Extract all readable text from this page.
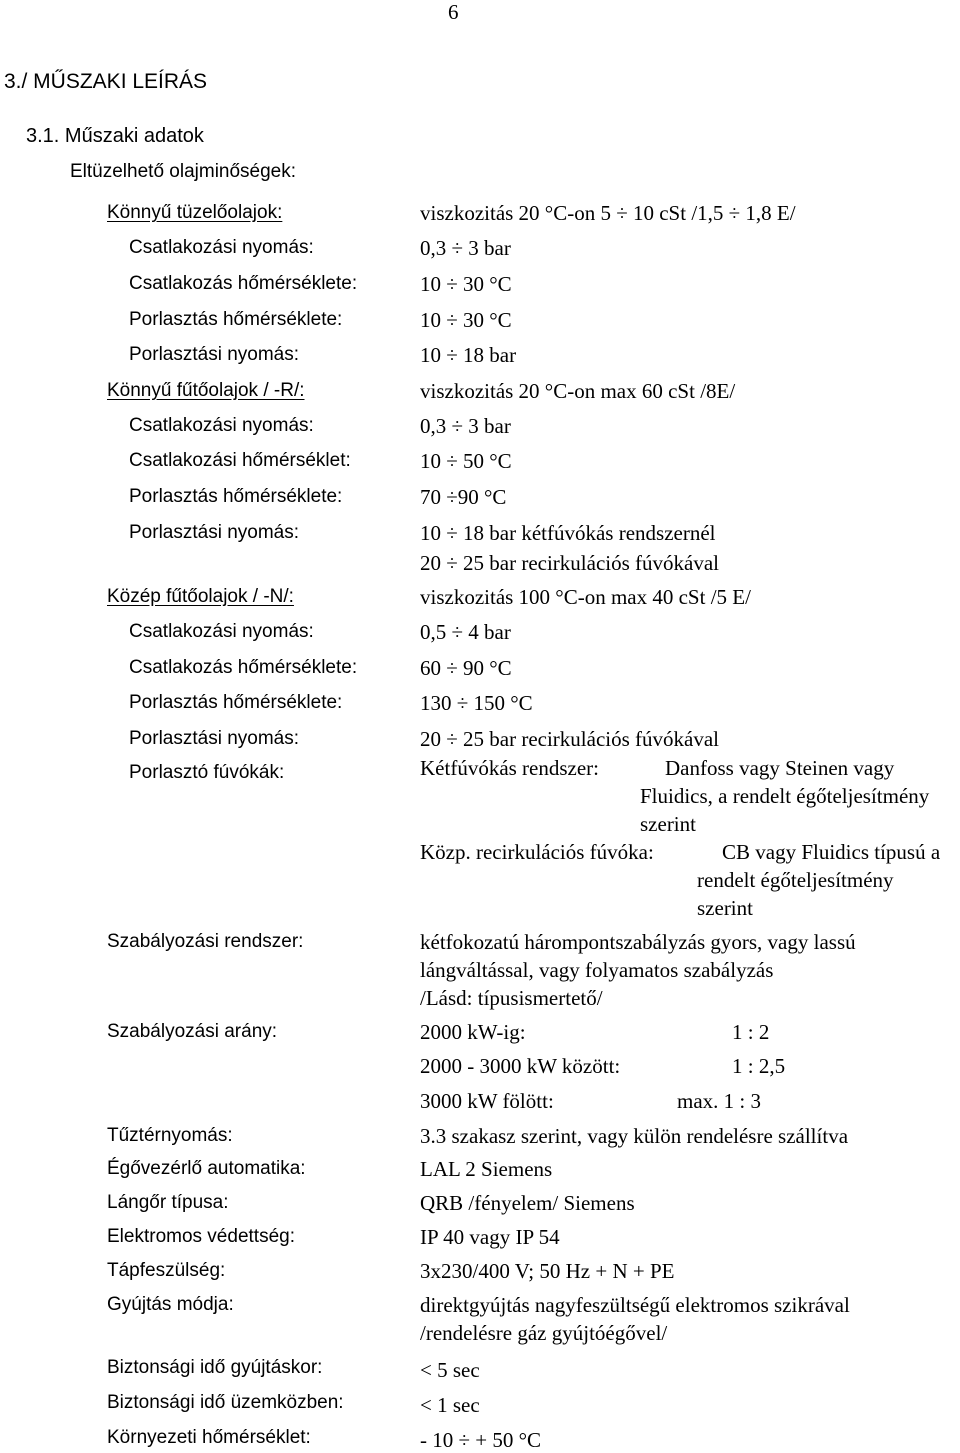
6
3./ MŰSZAKI LEÍRÁS
3.1. Műszaki adatok
Eltüzelhető olajminőségek:
Könnyű tüzelőolajok:	viszkozitás 20 °C-on 5 ÷ 10 cSt /1,5 ÷ 1,8 E/
Csatlakozási nyomás:	0,3 ÷ 3 bar
Csatlakozás hőmérséklete:	10 ÷ 30 °C
Porlasztás hőmérséklete:	10 ÷ 30 °C
Porlasztási nyomás:	10 ÷ 18 bar
Könnyű fűtőolajok / -R/:	viszkozitás 20 °C-on max 60 cSt /8E/
Csatlakozási nyomás:	0,3 ÷ 3 bar
Csatlakozási hőmérséklet:	10 ÷ 50 °C
Porlasztás hőmérséklete:	70 ÷90 °C
Porlasztási nyomás:	10 ÷ 18 bar kétfúvókás rendszernél
20 ÷ 25 bar recirkulációs fúvókával
Közép fűtőolajok / -N/:	viszkozitás 100 °C-on max 40 cSt /5 E/
Csatlakozási nyomás:	0,5 ÷ 4 bar
Csatlakozás hőmérséklete:	60 ÷ 90 °C
Porlasztás hőmérséklete:	130 ÷ 150 °C
Porlasztási nyomás:	20 ÷ 25 bar recirkulációs fúvókával
Porlasztó fúvókák:	Kétfúvókás rendszer:	Danfoss vagy Steinen vagy
Fluidics, a rendelt égőteljesítmény
szerint
Közp. recirkulációs fúvóka:	CB vagy Fluidics típusú a
rendelt égőteljesítmény
szerint
Szabályozási rendszer:	kétfokozatú hárompontszabályzás gyors, vagy lassú
lángváltással, vagy folyamatos szabályzás
/Lásd: típusismertető/
Szabályozási arány:	2000 kW-ig:	1 : 2
2000 - 3000 kW között:	1 : 2,5
3000 kW fölött:	max. 1 : 3
Tűztérnyomás:	3.3 szakasz szerint, vagy külön rendelésre szállítva
Égővezérlő automatika:	LAL 2 Siemens
Lángőr típusa:	QRB /fényelem/ Siemens
Elektromos védettség:	IP 40 vagy IP 54
Tápfeszülség:	3x230/400 V; 50 Hz + N + PE
Gyújtás módja:	direktgyújtás nagyfeszültségű elektromos szikrával
/rendelésre gáz gyújtóégővel/
Biztonsági idő gyújtáskor:	< 5 sec
Biztonsági idő üzemközben:	< 1 sec
Környezeti hőmérséklet:	- 10 ÷ + 50 °C
